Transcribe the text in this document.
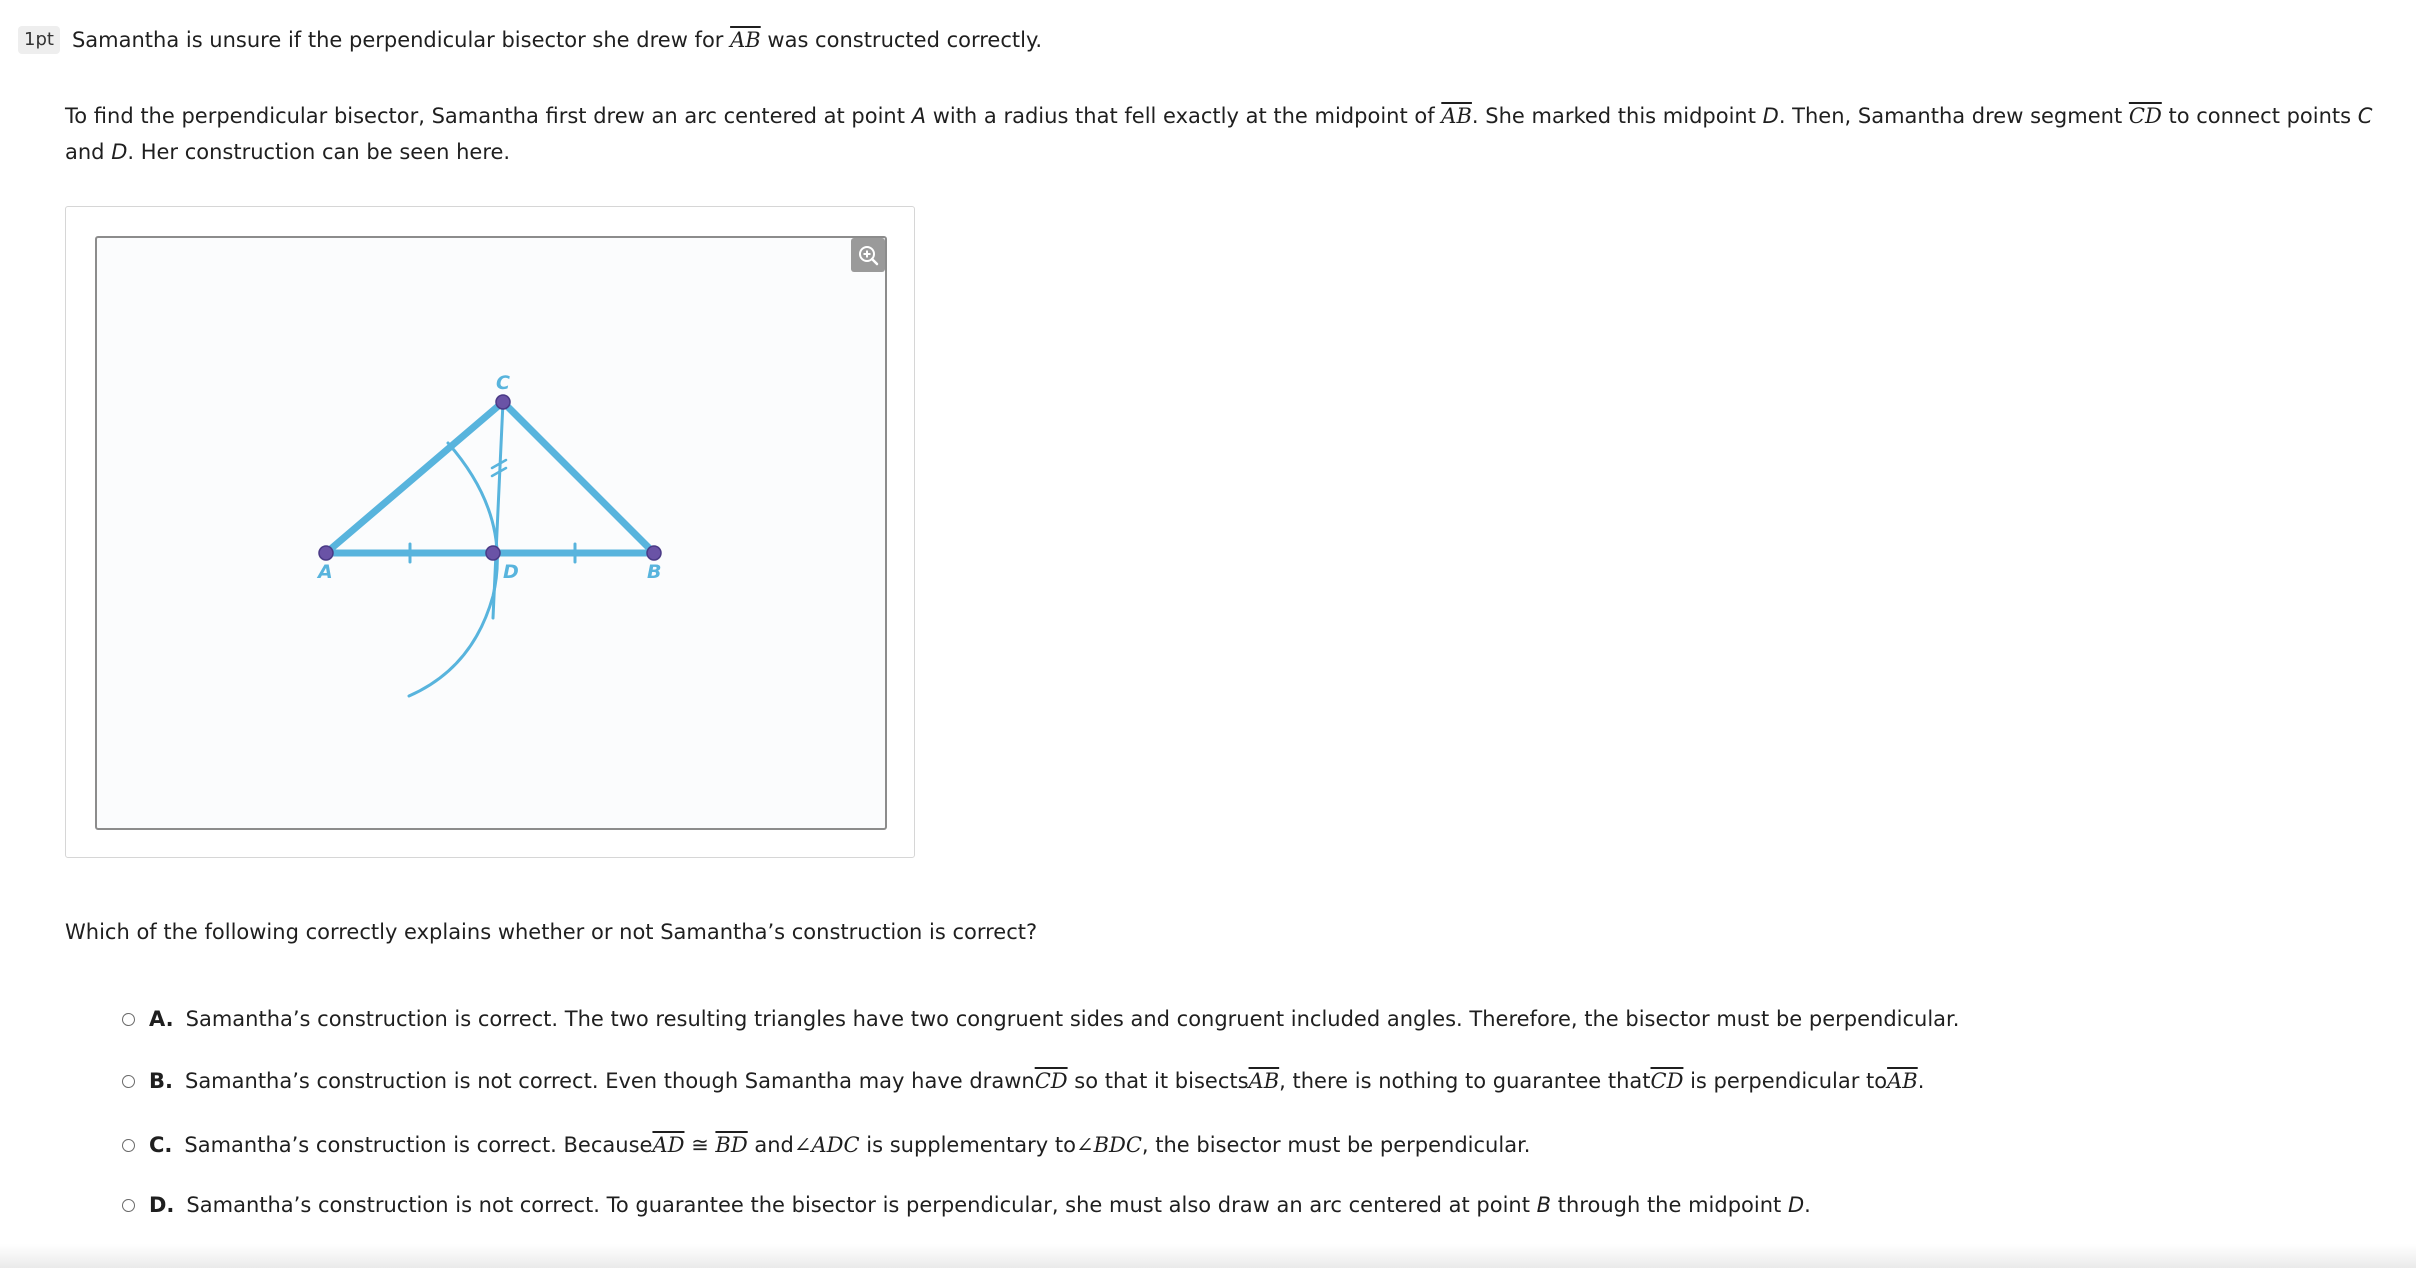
1pt Samantha is unsure if the perpendicular bisector she drew for $\overline{AB}$ was constructed correctly.
To find the perpendicular bisector, Samantha first drew an arc centered at point A with a radius that fell exactly at the midpoint of $\overline{AB}$. She marked this midpoint D. Then, Samantha drew segment $\overline{CD}$ to connect points C and D. Her construction can be seen here.
A	B
C
D
Which of the following correctly explains whether or not Samantha’s construction is correct?
A. Samantha’s construction is correct. The two resulting triangles have two congruent sides and congruent included angles. Therefore, the bisector must be perpendicular.
B. Samantha’s construction is not correct. Even though Samantha may have $drawn\overline{CD}$ so that it $bisects\overline{AB}$, there is nothing to guarantee $that\overline{CD}$ is perpendicular $to\overline{AB}$.
C. Samantha’s construction is correct. $Because\overline{AD}$ ≅ $\overline{BD}$ and∠ADC is supplementary to∠BDC, the bisector must be perpendicular.
D. Samantha’s construction is not correct. To guarantee the bisector is perpendicular, she must also draw an arc centered at point B through the midpoint D.
